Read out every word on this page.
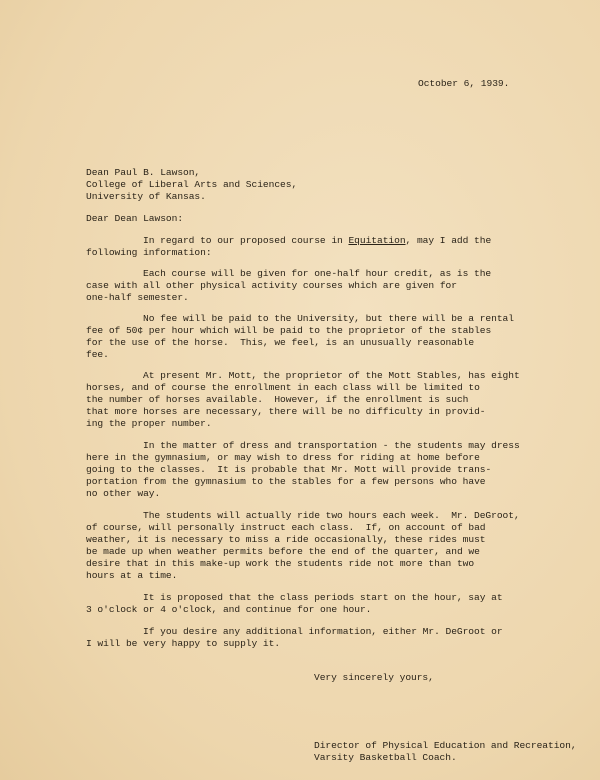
October 6, 1939.
Dean Paul B. Lawson,
College of Liberal Arts and Sciences,
University of Kansas.
Dear Dean Lawson:
In regard to our proposed course in Equitation, may I add the
following information:
Each course will be given for one-half hour credit, as is the
case with all other physical activity courses which are given for
one-half semester.
No fee will be paid to the University, but there will be a rental
fee of 50¢ per hour which will be paid to the proprietor of the stables
for the use of the horse.  This, we feel, is an unusually reasonable
fee.
At present Mr. Mott, the proprietor of the Mott Stables, has eight
horses, and of course the enrollment in each class will be limited to
the number of horses available.  However, if the enrollment is such
that more horses are necessary, there will be no difficulty in provid-
ing the proper number.
In the matter of dress and transportation - the students may dress
here in the gymnasium, or may wish to dress for riding at home before
going to the classes.  It is probable that Mr. Mott will provide trans-
portation from the gymnasium to the stables for a few persons who have
no other way.
The students will actually ride two hours each week.  Mr. DeGroot,
of course, will personally instruct each class.  If, on account of bad
weather, it is necessary to miss a ride occasionally, these rides must
be made up when weather permits before the end of the quarter, and we
desire that in this make-up work the students ride not more than two
hours at a time.
It is proposed that the class periods start on the hour, say at
3 o'clock or 4 o'clock, and continue for one hour.
If you desire any additional information, either Mr. DeGroot or
I will be very happy to supply it.
Very sincerely yours,
Director of Physical Education and Recreation,
Varsity Basketball Coach.
